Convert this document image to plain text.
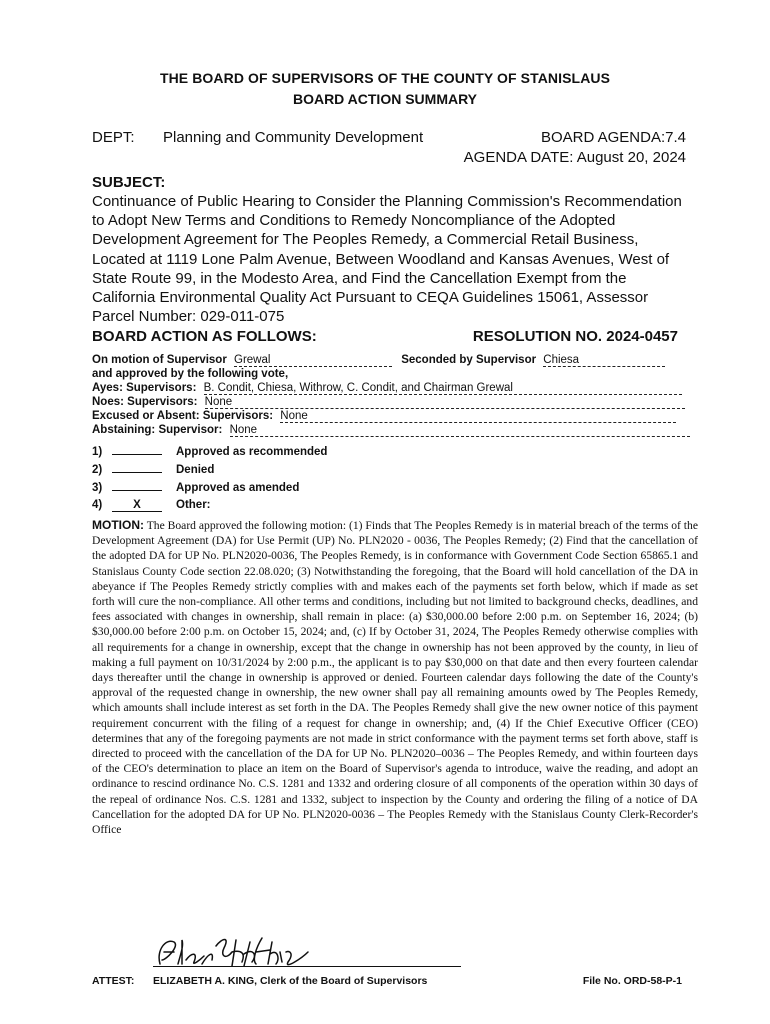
THE BOARD OF SUPERVISORS OF THE COUNTY OF STANISLAUS
BOARD ACTION SUMMARY
DEPT: Planning and Community Development	BOARD AGENDA:7.4
AGENDA DATE: August 20, 2024
SUBJECT:
Continuance of Public Hearing to Consider the Planning Commission's Recommendation to Adopt New Terms and Conditions to Remedy Noncompliance of the Adopted Development Agreement for The Peoples Remedy, a Commercial Retail Business, Located at 1119 Lone Palm Avenue, Between Woodland and Kansas Avenues, West of State Route 99, in the Modesto Area, and Find the Cancellation Exempt from the California Environmental Quality Act Pursuant to CEQA Guidelines 15061, Assessor Parcel Number: 029-011-075
BOARD ACTION AS FOLLOWS:	RESOLUTION NO. 2024-0457
On motion of Supervisor Grewal	Seconded by Supervisor Chiesa
and approved by the following vote,
Ayes: Supervisors: B. Condit, Chiesa, Withrow, C. Condit, and Chairman Grewal
Noes: Supervisors: None
Excused or Absent: Supervisors: None
Abstaining: Supervisor: None
1)	Approved as recommended
2)	Denied
3)	Approved as amended
4)	X	Other:
MOTION: The Board approved the following motion: (1) Finds that The Peoples Remedy is in material breach of the terms of the Development Agreement (DA) for Use Permit (UP) No. PLN2020 - 0036, The Peoples Remedy; (2) Find that the cancellation of the adopted DA for UP No. PLN2020-0036, The Peoples Remedy, is in conformance with Government Code Section 65865.1 and Stanislaus County Code section 22.08.020; (3) Notwithstanding the foregoing, that the Board will hold cancellation of the DA in abeyance if The Peoples Remedy strictly complies with and makes each of the payments set forth below, which if made as set forth will cure the non-compliance. All other terms and conditions, including but not limited to background checks, deadlines, and fees associated with changes in ownership, shall remain in place: (a) $30,000.00 before 2:00 p.m. on September 16, 2024; (b) $30,000.00 before 2:00 p.m. on October 15, 2024; and, (c) If by October 31, 2024, The Peoples Remedy otherwise complies with all requirements for a change in ownership, except that the change in ownership has not been approved by the county, in lieu of making a full payment on 10/31/2024 by 2:00 p.m., the applicant is to pay $30,000 on that date and then every fourteen calendar days thereafter until the change in ownership is approved or denied. Fourteen calendar days following the date of the County's approval of the requested change in ownership, the new owner shall pay all remaining amounts owed by The Peoples Remedy, which amounts shall include interest as set forth in the DA. The Peoples Remedy shall give the new owner notice of this payment requirement concurrent with the filing of a request for change in ownership; and, (4) If the Chief Executive Officer (CEO) determines that any of the foregoing payments are not made in strict conformance with the payment terms set forth above, staff is directed to proceed with the cancellation of the DA for UP No. PLN2020–0036 – The Peoples Remedy, and within fourteen days of the CEO's determination to place an item on the Board of Supervisor's agenda to introduce, waive the reading, and adopt an ordinance to rescind ordinance No. C.S. 1281 and 1332 and ordering closure of all components of the operation within 30 days of the repeal of ordinance Nos. C.S. 1281 and 1332, subject to inspection by the County and ordering the filing of a notice of DA Cancellation for the adopted DA for UP No. PLN2020-0036 – The Peoples Remedy with the Stanislaus County Clerk-Recorder's Office
Elizabeth A King
ATTEST: ELIZABETH A. KING, Clerk of the Board of Supervisors	File No. ORD-58-P-1
